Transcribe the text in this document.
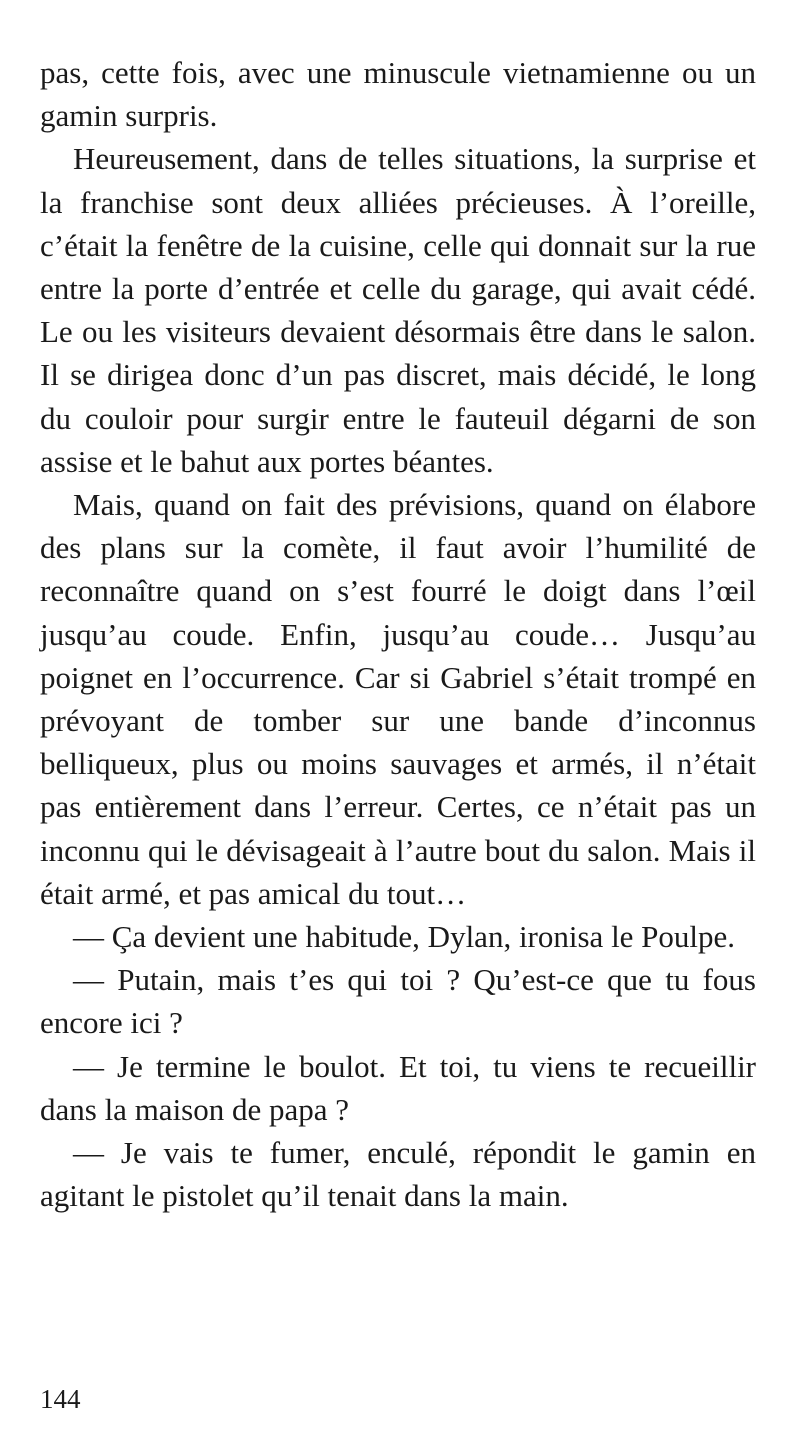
pas, cette fois, avec une minuscule vietnamienne ou un gamin surpris.

Heureusement, dans de telles situations, la surprise et la franchise sont deux alliées précieuses. À l’oreille, c’était la fenêtre de la cuisine, celle qui donnait sur la rue entre la porte d’entrée et celle du garage, qui avait cédé. Le ou les visiteurs devaient désormais être dans le salon. Il se dirigea donc d’un pas discret, mais décidé, le long du couloir pour surgir entre le fauteuil dégarni de son assise et le bahut aux portes béantes.

Mais, quand on fait des prévisions, quand on élabore des plans sur la comète, il faut avoir l’humilité de reconnaître quand on s’est fourré le doigt dans l’œil jusqu’au coude. Enfin, jusqu’au coude… Jusqu’au poignet en l’occurrence. Car si Gabriel s’était trompé en prévoyant de tomber sur une bande d’inconnus belliqueux, plus ou moins sauvages et armés, il n’était pas entièrement dans l’erreur. Certes, ce n’était pas un inconnu qui le dévisageait à l’autre bout du salon. Mais il était armé, et pas amical du tout…

— Ça devient une habitude, Dylan, ironisa le Poulpe.

— Putain, mais t’es qui toi ? Qu’est-ce que tu fous encore ici ?

— Je termine le boulot. Et toi, tu viens te recueillir dans la maison de papa ?

— Je vais te fumer, enculé, répondit le gamin en agitant le pistolet qu’il tenait dans la main.

144
